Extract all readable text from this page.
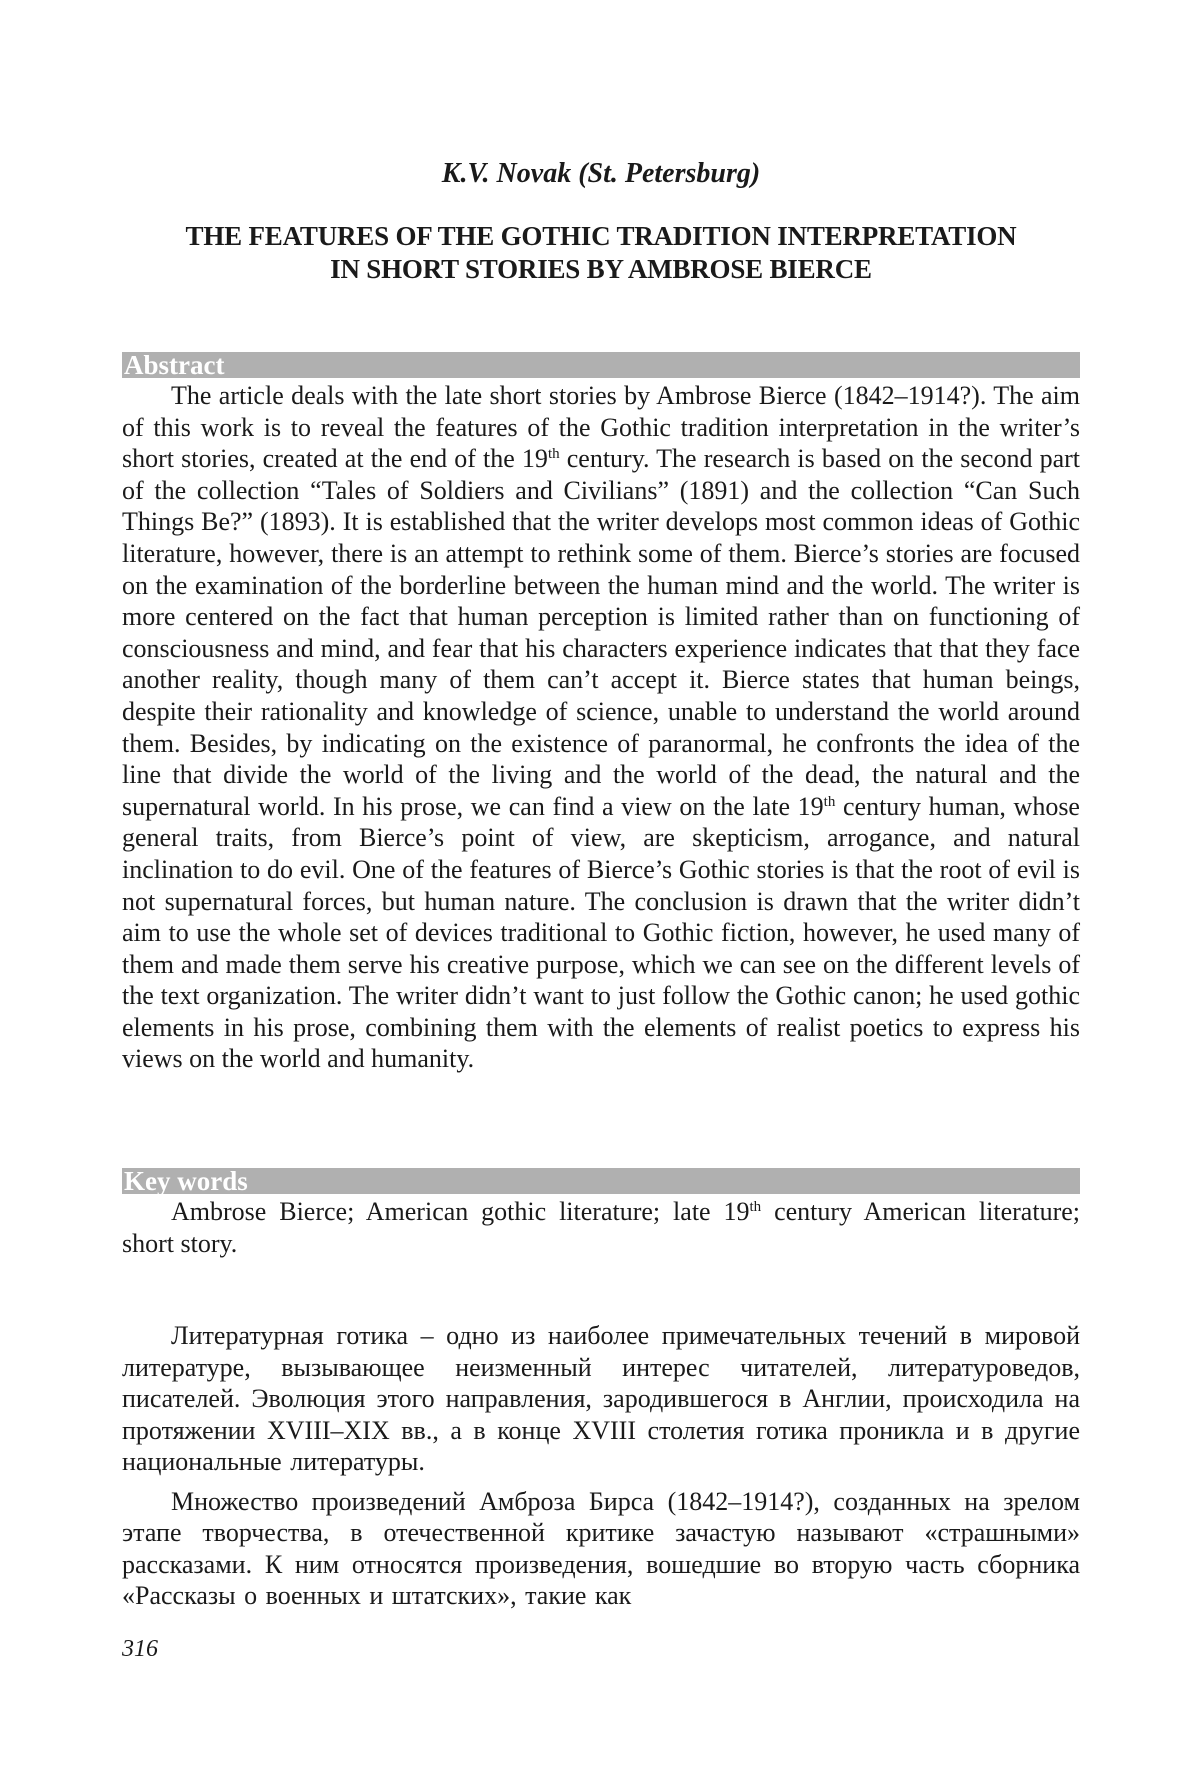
K.V. Novak (St. Petersburg)
THE FEATURES OF THE GOTHIC TRADITION INTERPRETATION
IN SHORT STORIES BY AMBROSE BIERCE
Abstract

The article deals with the late short stories by Ambrose Bierce (1842–1914?). The aim of this work is to reveal the features of the Gothic tradition interpretation in the writer’s short stories, created at the end of the 19th century. The research is based on the second part of the collection “Tales of Soldiers and Civilians” (1891) and the collection “Can Such Things Be?” (1893). It is established that the writer develops most common ideas of Gothic literature, however, there is an attempt to rethink some of them. Bierce’s stories are focused on the examination of the borderline between the human mind and the world. The writer is more centered on the fact that human perception is limited rather than on functioning of consciousness and mind, and fear that his characters experience indicates that that they face another reality, though many of them can’t accept it. Bierce states that human beings, despite their rationality and knowledge of science, unable to understand the world around them. Besides, by indicating on the existence of paranormal, he confronts the idea of the line that divide the world of the living and the world of the dead, the natural and the supernatural world. In his prose, we can find a view on the late 19th century human, whose general traits, from Bierce’s point of view, are skepticism, arrogance, and natural inclination to do evil. One of the features of Bierce’s Gothic stories is that the root of evil is not supernatural forces, but human nature. The conclusion is drawn that the writer didn’t aim to use the whole set of devices traditional to Gothic fiction, however, he used many of them and made them serve his creative purpose, which we can see on the different levels of the text organization. The writer didn’t want to just follow the Gothic canon; he used gothic elements in his prose, combining them with the elements of realist poetics to express his views on the world and humanity.

Key words

Ambrose Bierce; American gothic literature; late 19th century American literature; short story.

Литературная готика – одно из наиболее примечательных течений в мировой литературе, вызывающее неизменный интерес читателей, литературоведов, писателей. Эволюция этого направления, зародившегося в Англии, происходила на протяжении XVIII–XIX вв., а в конце XVIII столетия готика проникла и в другие национальные литературы.

Множество произведений Амброза Бирса (1842–1914?), созданных на зрелом этапе творчества, в отечественной критике зачастую называют «страшными» рассказами. К ним относятся произведения, вошедшие во вторую часть сборника «Рассказы о военных и штатских», такие как

316
